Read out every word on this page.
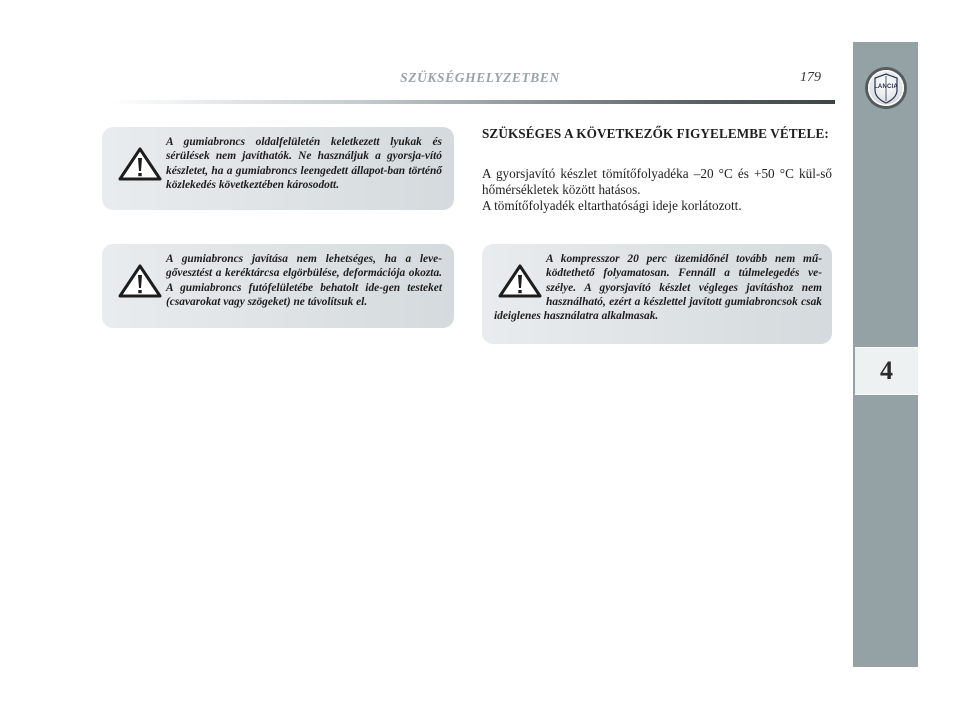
SZÜKSÉGHELYZETBEN	179
LANCIA
4

A gumiabroncs oldalfelületén keletkezett lyukak és sérülések nem javíthatók. Ne használjuk a gyorsja-vító készletet, ha a gumiabroncs leengedett állapot-ban történő közlekedés következtében károsodott.

A gumiabroncs javítása nem lehetséges, ha a leve-gővesztést a keréktárcsa elgörbülése, deformációja okozta. A gumiabroncs futófelületébe behatolt ide-gen testeket (csavarokat vagy szögeket) ne távolítsuk el.

SZÜKSÉGES A KÖVETKEZŐK FIGYELEMBE VÉTELE:

A gyorsjavító készlet tömítőfolyadéka –20 °C és +50 °C kül-ső hőmérsékletek között hatásos.
A tömítőfolyadék eltarthatósági ideje korlátozott.

A kompresszor 20 perc üzemidőnél tovább nem mű-ködtethető folyamatosan. Fennáll a túlmelegedés ve-szélye. A gyorsjavító készlet végleges javításhoz nem használható, ezért a készlettel javított gumiabroncsok csak ideiglenes használatra alkalmasak.
